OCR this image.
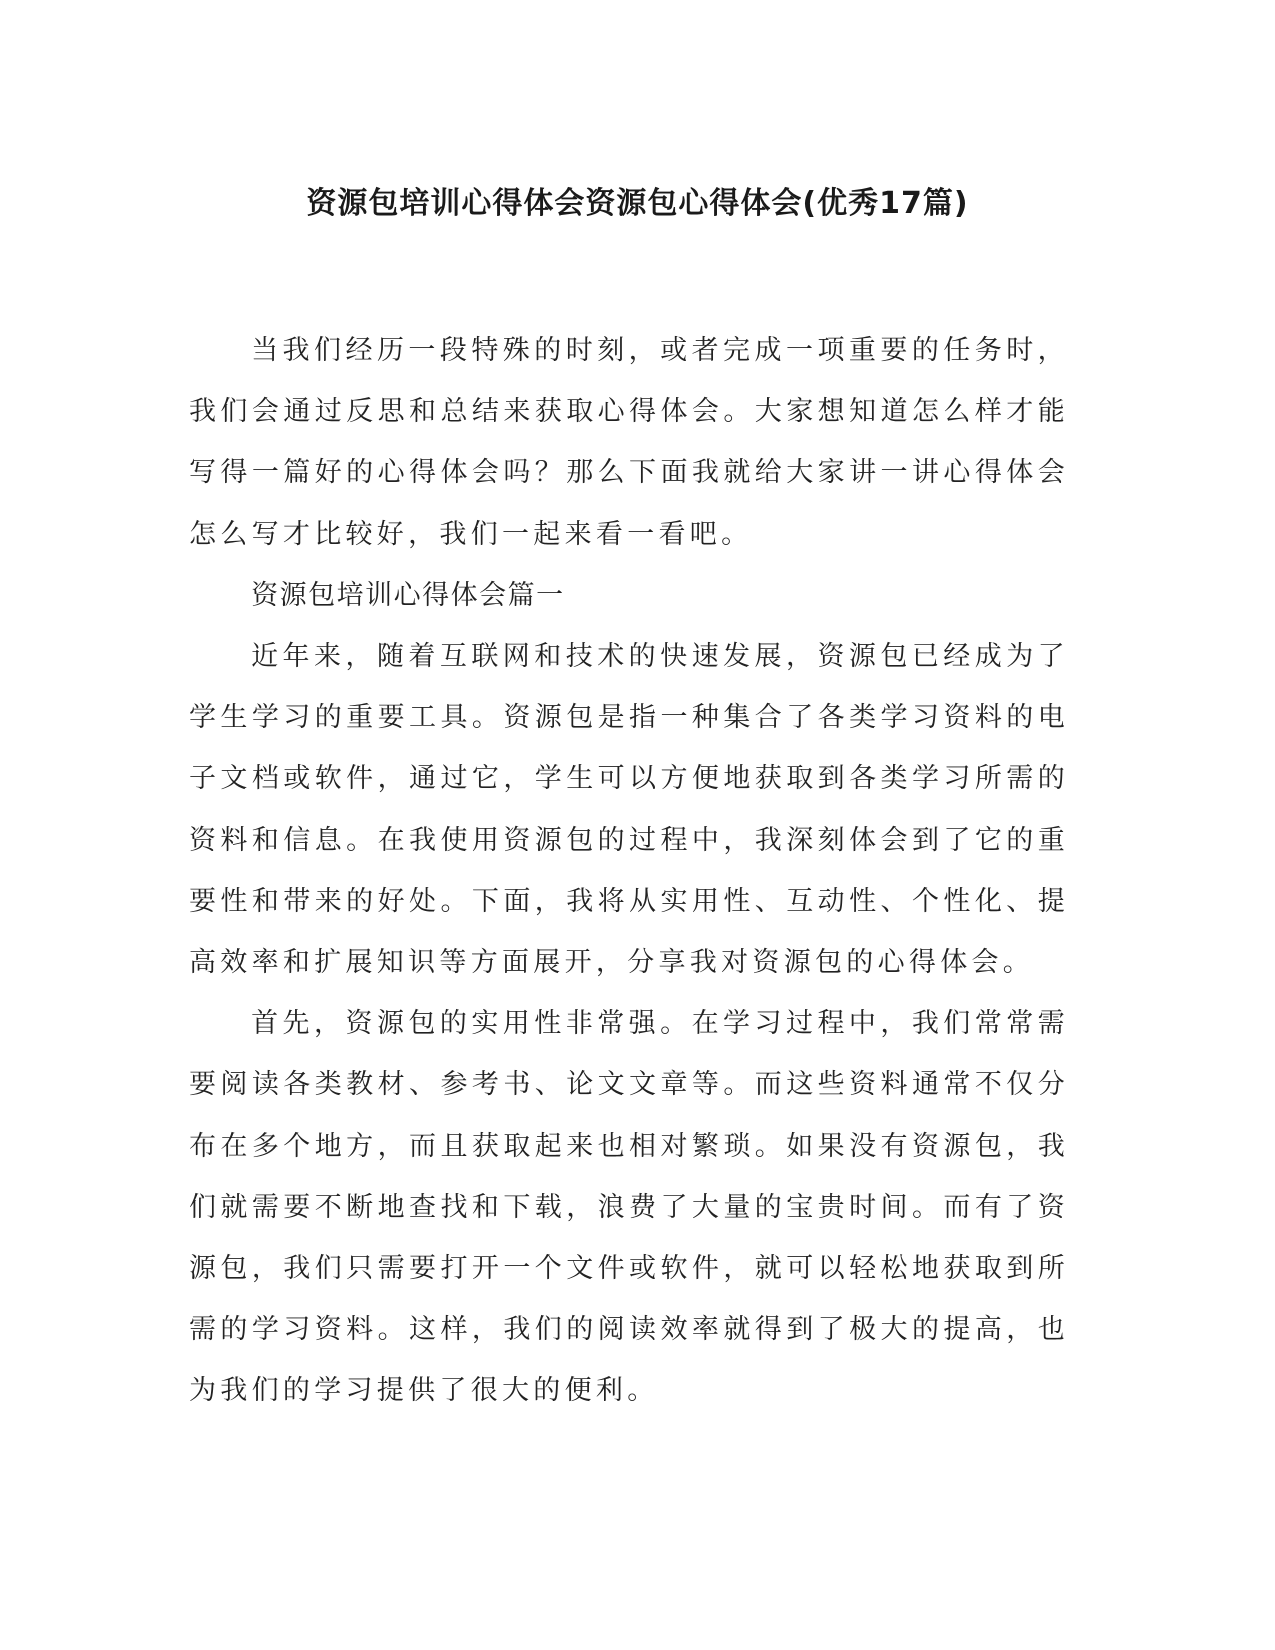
资源包培训心得体会资源包心得体会(优秀17篇)

当我们经历一段特殊的时刻，或者完成一项重要的任务时，我们会通过反思和总结来获取心得体会。大家想知道怎么样才能写得一篇好的心得体会吗？那么下面我就给大家讲一讲心得体会怎么写才比较好，我们一起来看一看吧。

资源包培训心得体会篇一

近年来，随着互联网和技术的快速发展，资源包已经成为了学生学习的重要工具。资源包是指一种集合了各类学习资料的电子文档或软件，通过它，学生可以方便地获取到各类学习所需的资料和信息。在我使用资源包的过程中，我深刻体会到了它的重要性和带来的好处。下面，我将从实用性、互动性、个性化、提高效率和扩展知识等方面展开，分享我对资源包的心得体会。

首先，资源包的实用性非常强。在学习过程中，我们常常需要阅读各类教材、参考书、论文文章等。而这些资料通常不仅分布在多个地方，而且获取起来也相对繁琐。如果没有资源包，我们就需要不断地查找和下载，浪费了大量的宝贵时间。而有了资源包，我们只需要打开一个文件或软件，就可以轻松地获取到所需的学习资料。这样，我们的阅读效率就得到了极大的提高，也为我们的学习提供了很大的便利。
